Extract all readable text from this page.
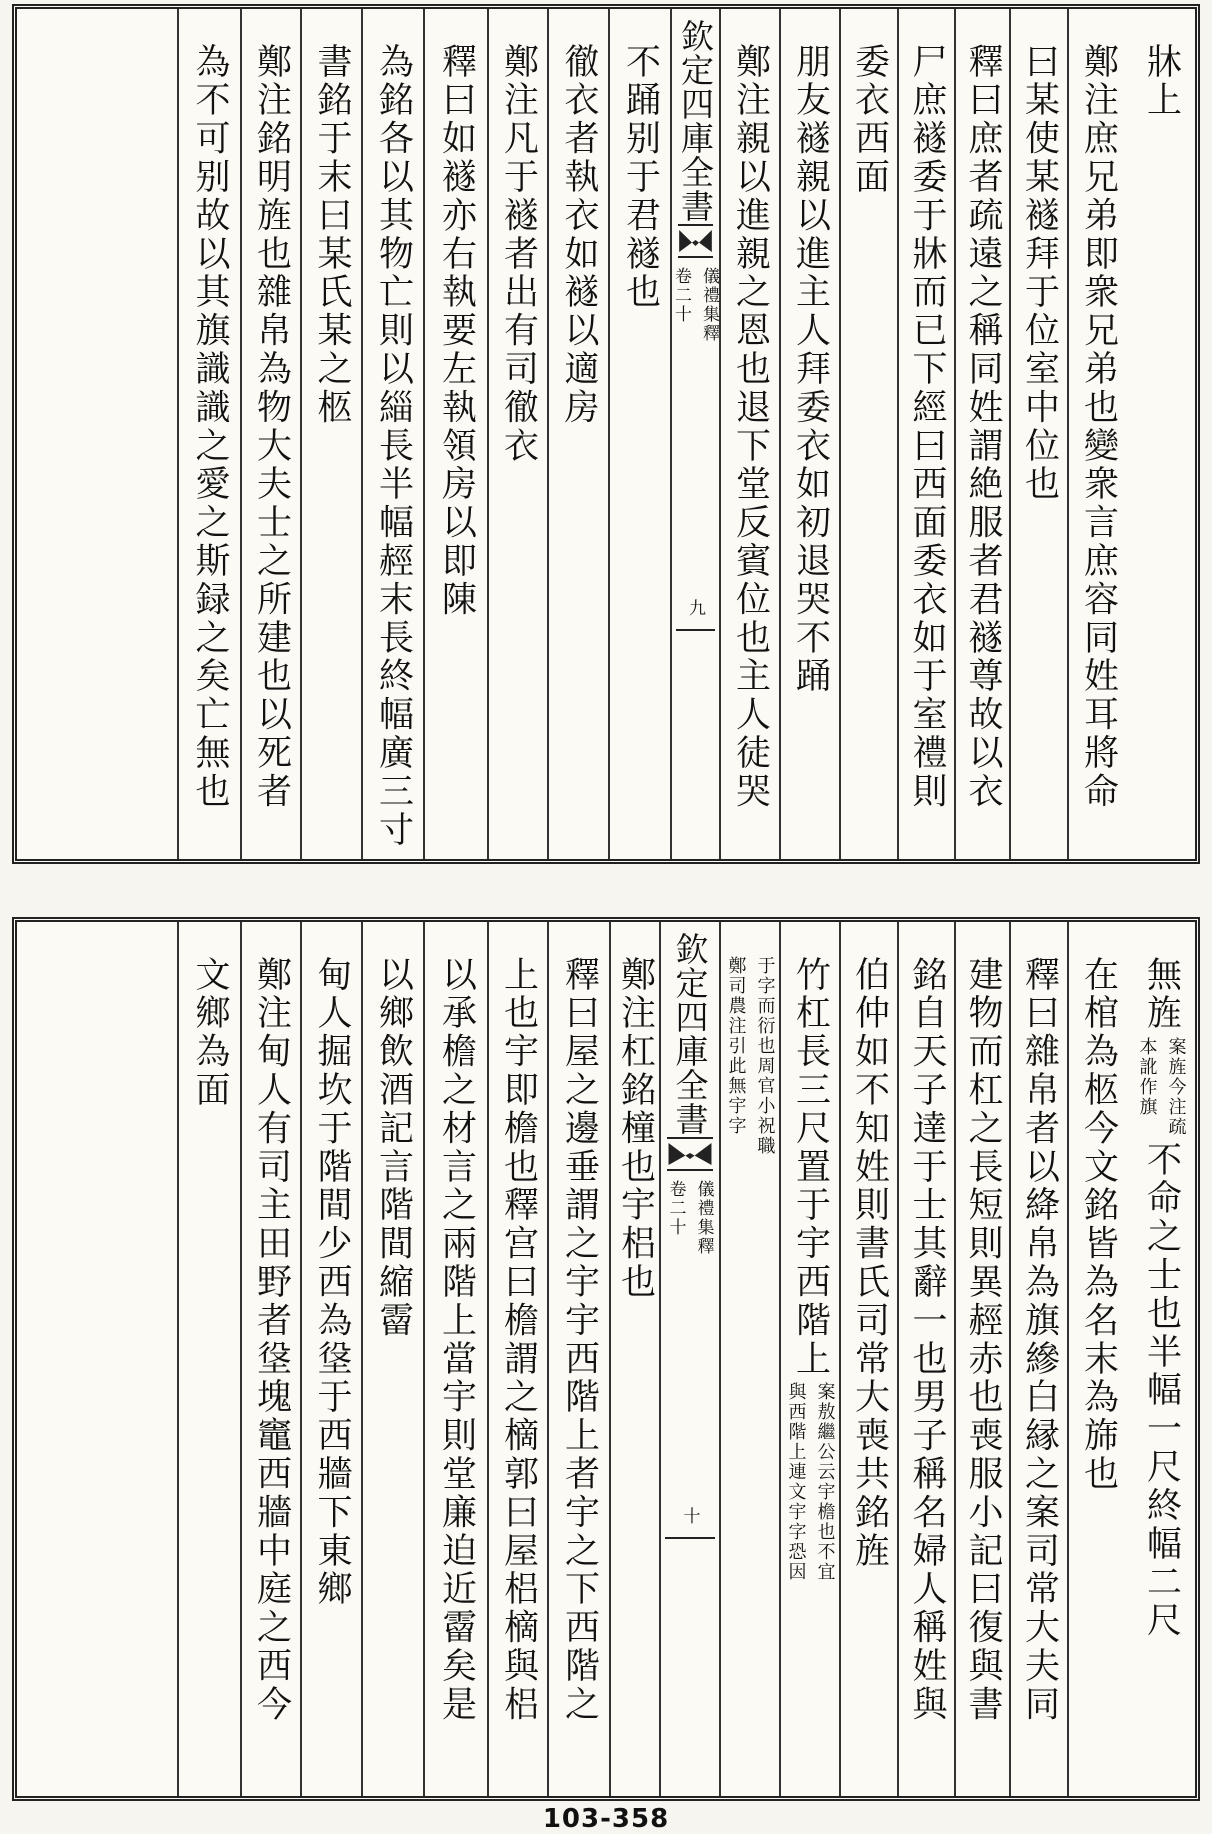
牀上
鄭注庶兄弟即衆兄弟也變衆言庶容同姓耳將命
曰某使某襚拜于位室中位也
釋曰庶者疏遠之稱同姓謂絶服者君襚尊故以衣
尸庶襚委于牀而已下經曰西面委衣如于室禮則
委衣西面
朋友襚親以進主人拜委衣如初退哭不踊
鄭注親以進親之恩也退下堂反賓位也主人徒哭
欽定四庫全書
儀禮集釋
卷二十
九
不踊别于君襚也
徹衣者執衣如襚以適房
鄭注凡于襚者出有司徹衣
釋曰如襚亦右執要左執領房以即陳
為銘各以其物亡則以緇長半幅䞓末長終幅廣三寸
書銘于末曰某氏某之柩
鄭注銘明旌也雜帛為物大夫士之所建也以死者
為不可别故以其旗識識之愛之斯録之矣亡無也
無旌
案旌今注疏
本訛作旗
不命之士也半幅一尺終幅二尺
在棺為柩今文銘皆為名末為旆也
釋曰雜帛者以絳帛為旗縿白縁之案司常大夫同
建物而杠之長短則異䞓赤也喪服小記曰復與書
銘自天子達于士其辭一也男子稱名婦人稱姓與
伯仲如不知姓則書氏司常大喪共銘旌
竹杠長三尺置于宇西階上
案敖繼公云宇檐也不宜
與西階上連文宇字恐因
于字而衍也周官小祝職
鄭司農注引此無宇字
欽定四庫全書
儀禮集釋
卷二十
十
鄭注杠銘橦也宇梠也
釋曰屋之邊垂謂之宇宇西階上者宇之下西階之
上也宇即檐也釋宫曰檐謂之樀郭曰屋梠樀與梠
以承檐之材言之兩階上當宇則堂廉迫近霤矣是
以鄉飲酒記言階間縮霤
甸人掘坎于階間少西為垼于西牆下東鄉
鄭注甸人有司主田野者垼塊竈西牆中庭之西今
文鄉為面
103-358
